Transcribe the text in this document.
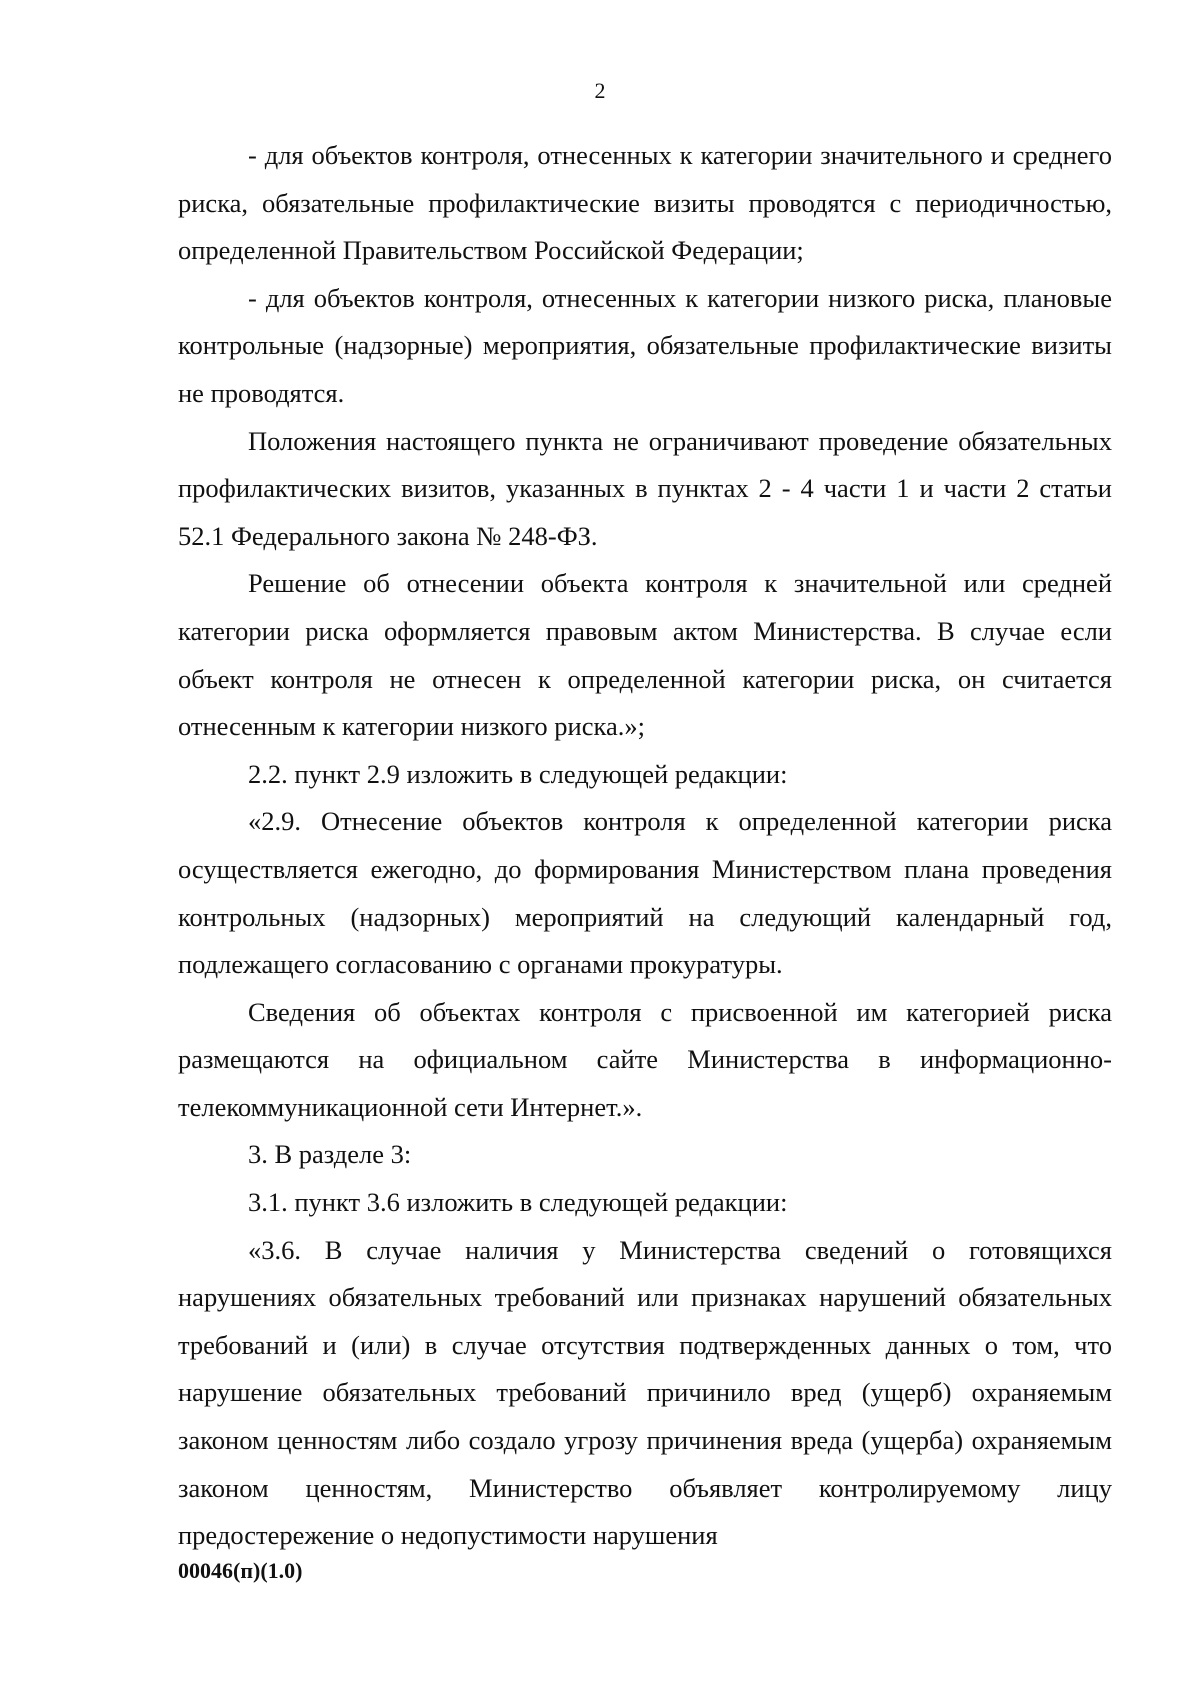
2

- для объектов контроля, отнесенных к категории значительного и среднего риска, обязательные профилактические визиты проводятся с периодичностью, определенной Правительством Российской Федерации;

- для объектов контроля, отнесенных к категории низкого риска, плановые контрольные (надзорные) мероприятия, обязательные профилактические визиты не проводятся.

Положения настоящего пункта не ограничивают проведение обязательных профилактических визитов, указанных в пунктах 2 - 4 части 1 и части 2 статьи 52.1 Федерального закона № 248-ФЗ.

Решение об отнесении объекта контроля к значительной или средней категории риска оформляется правовым актом Министерства. В случае если объект контроля не отнесен к определенной категории риска, он считается отнесенным к категории низкого риска.»;

2.2. пункт 2.9 изложить в следующей редакции:

«2.9. Отнесение объектов контроля к определенной категории риска осуществляется ежегодно, до формирования Министерством плана проведения контрольных (надзорных) мероприятий на следующий календарный год, подлежащего согласованию с органами прокуратуры.

Сведения об объектах контроля с присвоенной им категорией риска размещаются на официальном сайте Министерства в информационно-телекоммуникационной сети Интернет.».

3. В разделе 3:

3.1. пункт 3.6 изложить в следующей редакции:

«3.6. В случае наличия у Министерства сведений о готовящихся нарушениях обязательных требований или признаках нарушений обязательных требований и (или) в случае отсутствия подтвержденных данных о том, что нарушение обязательных требований причинило вред (ущерб) охраняемым законом ценностям либо создало угрозу причинения вреда (ущерба) охраняемым законом ценностям, Министерство объявляет контролируемому лицу предостережение о недопустимости нарушения

00046(п)(1.0)
